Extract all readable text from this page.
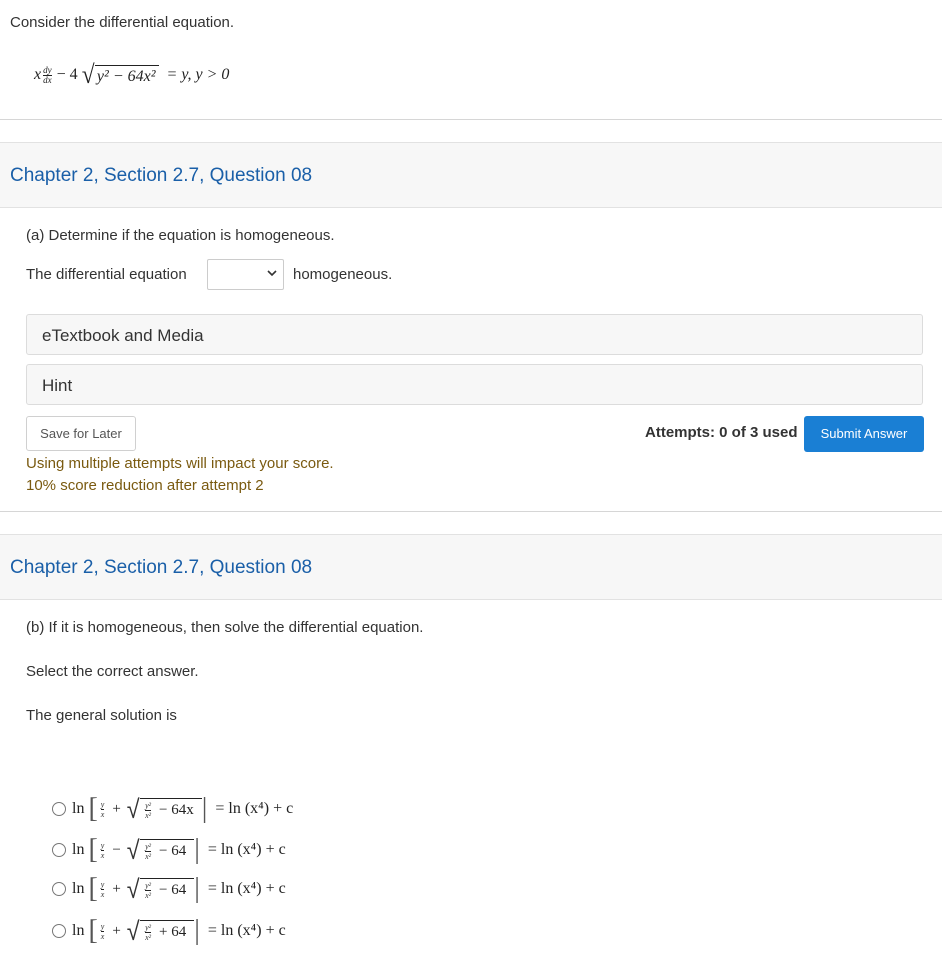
Consider the differential equation.
x $\frac{dy}{dx} - 4$ √ y² − 64x² = y, y > 0
Chapter 2, Section 2.7, Question 08
(a) Determine if the equation is homogeneous.
The differential equation	homogeneous.
eTextbook and Media
Hint
Save for Later	Attempts: 0 of 3 used	Submit Answer
Using multiple attempts will impact your score.
10% score reduction after attempt 2
Chapter 2, Section 2.7, Question 08
(b) If it is homogeneous, then solve the differential equation.
Select the correct answer.
The general solution is
ln [ $\frac{y}{x}$ + √ $\frac{\text{y²}}{\text{x²}} - 64x$ | = ln (x⁴) + c
ln [ $\frac{y}{x}$ − √ $\frac{\text{y²}}{\text{x²}} - 64$ | = ln (x⁴) + c
ln [ $\frac{y}{x}$ + √ $\frac{\text{y²}}{\text{x²}} - 64$ | = ln (x⁴) + c
ln [ $\frac{y}{x}$ + √ $\frac{\text{y²}}{\text{x²}} + 64$ | = ln (x⁴) + c
